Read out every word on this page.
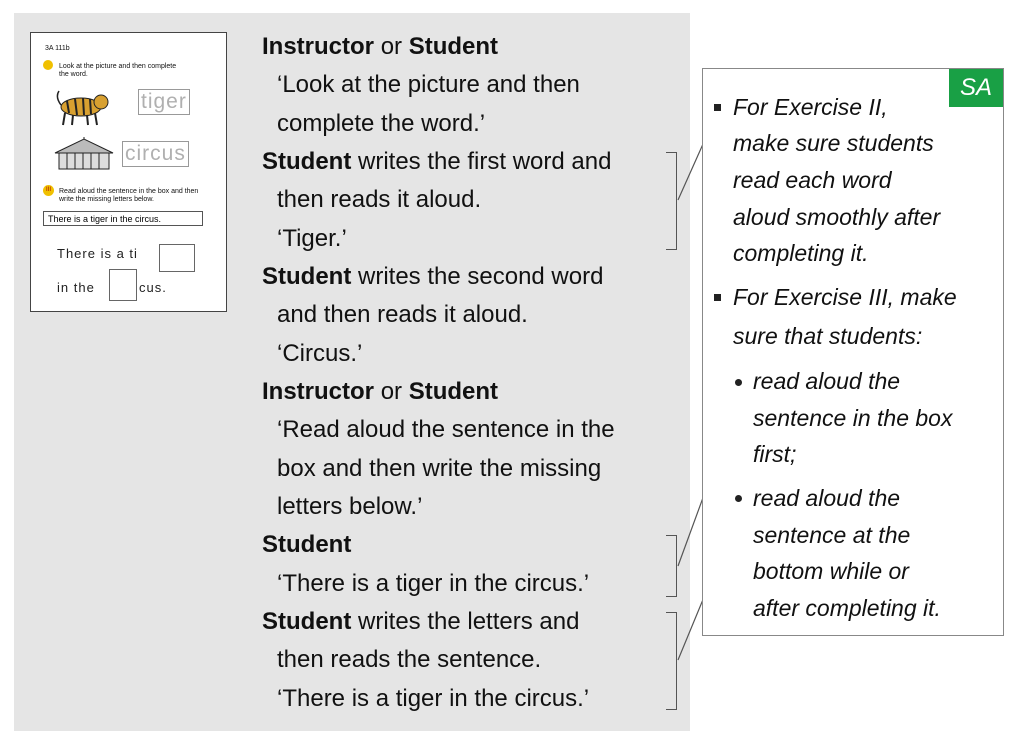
3A 111b
Look at the picture and then complete
the word.
tiger
circus
III	Read aloud the sentence in the box and then
write the missing letters below.
There is a tiger in the circus.
There is a ti
in the	cus.
Instructor or Student
‘Look at the picture and then
complete the word.’
Student writes the first word and
then reads it aloud.
‘Tiger.’
Student writes the second word
and then reads it aloud.
‘Circus.’
Instructor or Student
‘Read aloud the sentence in the
box and then write the missing
letters below.’
Student
‘There is a tiger in the circus.’
Student writes the letters and
then reads the sentence.
‘There is a tiger in the circus.’
SA
For Exercise II,
make sure students
read each word
aloud smoothly after
completing it.
For Exercise III, make
sure that students:
read aloud the
sentence in the box
first;
read aloud the
sentence at the
bottom while or
after completing it.
